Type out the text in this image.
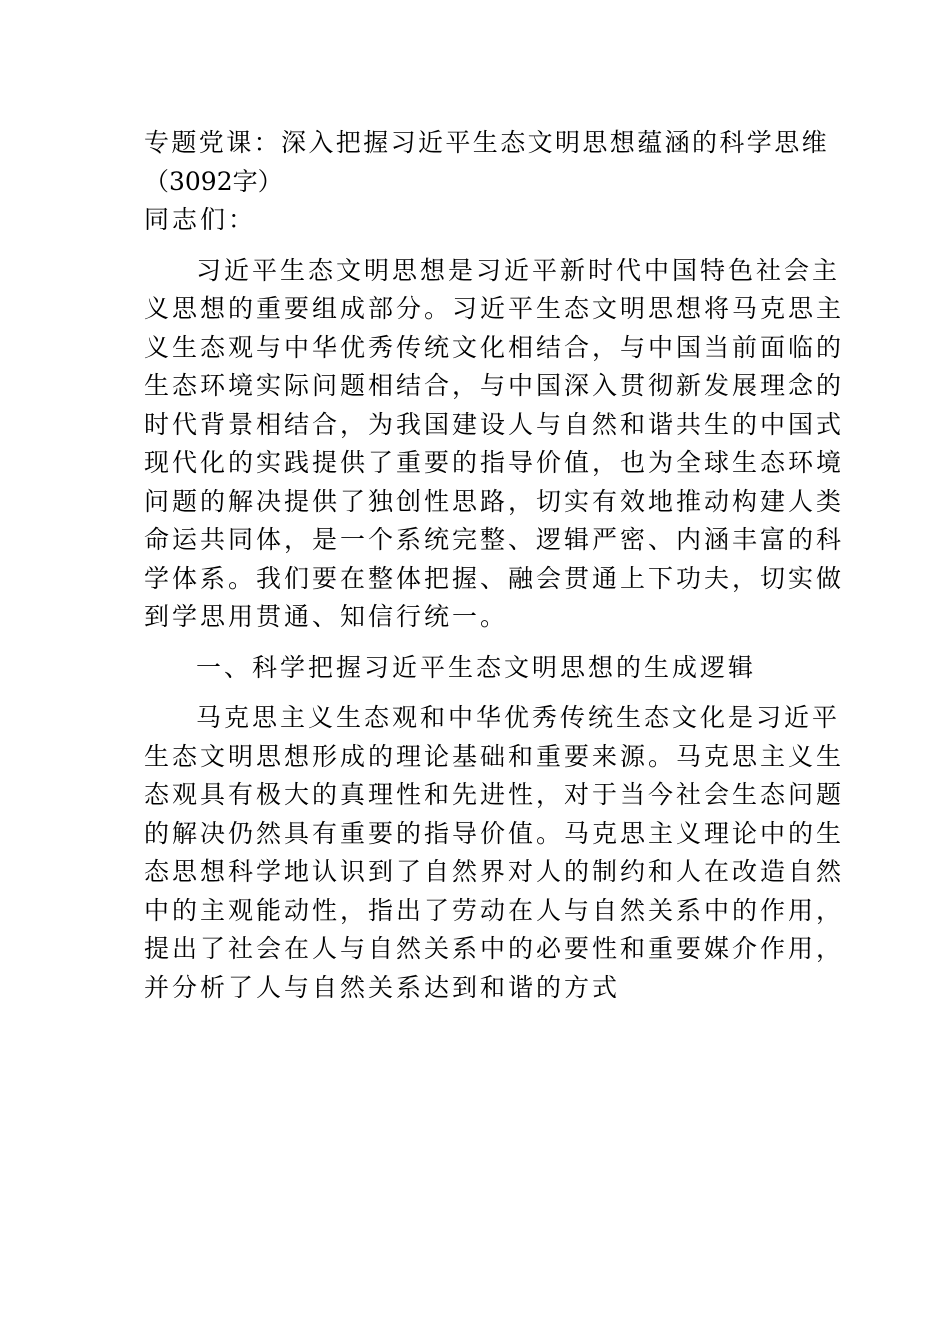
专题党课：深入把握习近平生态文明思想蕴涵的科学思维
（3092字）
同志们：
习近平生态文明思想是习近平新时代中国特色社会主
义思想的重要组成部分。习近平生态文明思想将马克思主
义生态观与中华优秀传统文化相结合，与中国当前面临的
生态环境实际问题相结合，与中国深入贯彻新发展理念的
时代背景相结合，为我国建设人与自然和谐共生的中国式
现代化的实践提供了重要的指导价值，也为全球生态环境
问题的解决提供了独创性思路，切实有效地推动构建人类
命运共同体，是一个系统完整、逻辑严密、内涵丰富的科
学体系。我们要在整体把握、融会贯通上下功夫，切实做
到学思用贯通、知信行统一。
一、科学把握习近平生态文明思想的生成逻辑
马克思主义生态观和中华优秀传统生态文化是习近平
生态文明思想形成的理论基础和重要来源。马克思主义生
态观具有极大的真理性和先进性，对于当今社会生态问题
的解决仍然具有重要的指导价值。马克思主义理论中的生
态思想科学地认识到了自然界对人的制约和人在改造自然
中的主观能动性，指出了劳动在人与自然关系中的作用，
提出了社会在人与自然关系中的必要性和重要媒介作用，
并分析了人与自然关系达到和谐的方式
